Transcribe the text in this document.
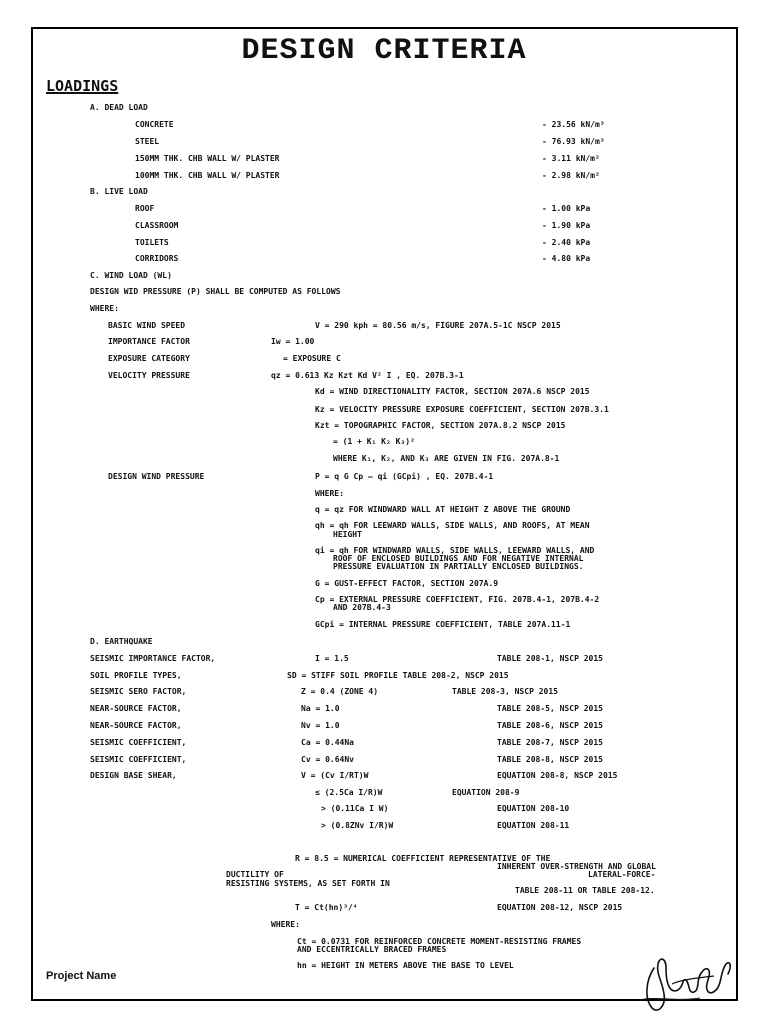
DESIGN CRITERIA
LOADINGS
A. DEAD LOAD
CONCRETE	- 23.56 kN/m³
STEEL	- 76.93 kN/m³
150MM THK. CHB WALL W/ PLASTER	- 3.11 kN/m²
100MM THK. CHB WALL W/ PLASTER	- 2.98 kN/m²
B. LIVE LOAD
ROOF	- 1.00 kPa
CLASSROOM	- 1.90 kPa
TOILETS	- 2.40 kPa
CORRIDORS	- 4.80 kPa
C. WIND LOAD (WL)
DESIGN WID PRESSURE (P) SHALL BE COMPUTED AS FOLLOWS
WHERE:
BASIC WIND SPEED	V = 290 kph = 80.56 m/s, FIGURE 207A.5-1C NSCP 2015
IMPORTANCE FACTOR	Iw = 1.00
EXPOSURE CATEGORY	= EXPOSURE C
VELOCITY PRESSURE	qz = 0.613 Kz Kzt Kd V² I , EQ. 207B.3-1
Kd = WIND DIRECTIONALITY FACTOR, SECTION 207A.6 NSCP 2015
Kz = VELOCITY PRESSURE EXPOSURE COEFFICIENT, SECTION 207B.3.1
Kzt = TOPOGRAPHIC FACTOR, SECTION 207A.8.2 NSCP 2015
= (1 + K₁ K₂ K₃)²
WHERE K₁, K₂, AND K₃ ARE GIVEN IN FIG. 207A.8-1
DESIGN WIND PRESSURE	P = q G Cp – qi (GCpi) , EQ. 207B.4-1
WHERE:
q = qz FOR WINDWARD WALL AT HEIGHT Z ABOVE THE GROUND
qh = qh FOR LEEWARD WALLS, SIDE WALLS, AND ROOFS, AT MEAN
HEIGHT
qi = qh FOR WINDWARD WALLS, SIDE WALLS, LEEWARD WALLS, AND
ROOF OF ENCLOSED BUILDINGS AND FOR NEGATIVE INTERNAL
PRESSURE EVALUATION IN PARTIALLY ENCLOSED BUILDINGS.
G = GUST-EFFECT FACTOR, SECTION 207A.9
Cp = EXTERNAL PRESSURE COEFFICIENT, FIG. 207B.4-1, 207B.4-2
AND 207B.4-3
GCpi = INTERNAL PRESSURE COEFFICIENT, TABLE 207A.11-1
D. EARTHQUAKE
SEISMIC IMPORTANCE FACTOR,	I = 1.5	TABLE 208-1, NSCP 2015
SOIL PROFILE TYPES,	SD = STIFF SOIL PROFILE TABLE 208-2, NSCP 2015
SEISMIC SERO FACTOR,	Z = 0.4 (ZONE 4)	TABLE 208-3, NSCP 2015
NEAR-SOURCE FACTOR,	Na = 1.0	TABLE 208-5, NSCP 2015
NEAR-SOURCE FACTOR,	Nv = 1.0	TABLE 208-6, NSCP 2015
SEISMIC COEFFICIENT,	Ca = 0.44Na	TABLE 208-7, NSCP 2015
SEISMIC COEFFICIENT,	Cv = 0.64Nv	TABLE 208-8, NSCP 2015
DESIGN BASE SHEAR,	V = (Cv I/RT)W	EQUATION 208-8, NSCP 2015
≤ (2.5Ca I/R)W	EQUATION 208-9
> (0.11Ca I W)	EQUATION 208-10
> (0.8ZNv I/R)W	EQUATION 208-11
R = 8.5 = NUMERICAL COEFFICIENT REPRESENTATIVE OF THE
INHERENT OVER-STRENGTH AND GLOBAL
DUCTILITY OF	LATERAL-FORCE-
RESISTING SYSTEMS, AS SET FORTH IN
TABLE 208-11 OR TABLE 208-12.
T = Ct(hn)³/⁴	EQUATION 208-12, NSCP 2015
WHERE:
Ct = 0.0731 FOR REINFORCED CONCRETE MOMENT-RESISTING FRAMES
AND ECCENTRICALLY BRACED FRAMES
hn = HEIGHT IN METERS ABOVE THE BASE TO LEVEL
Project Name
